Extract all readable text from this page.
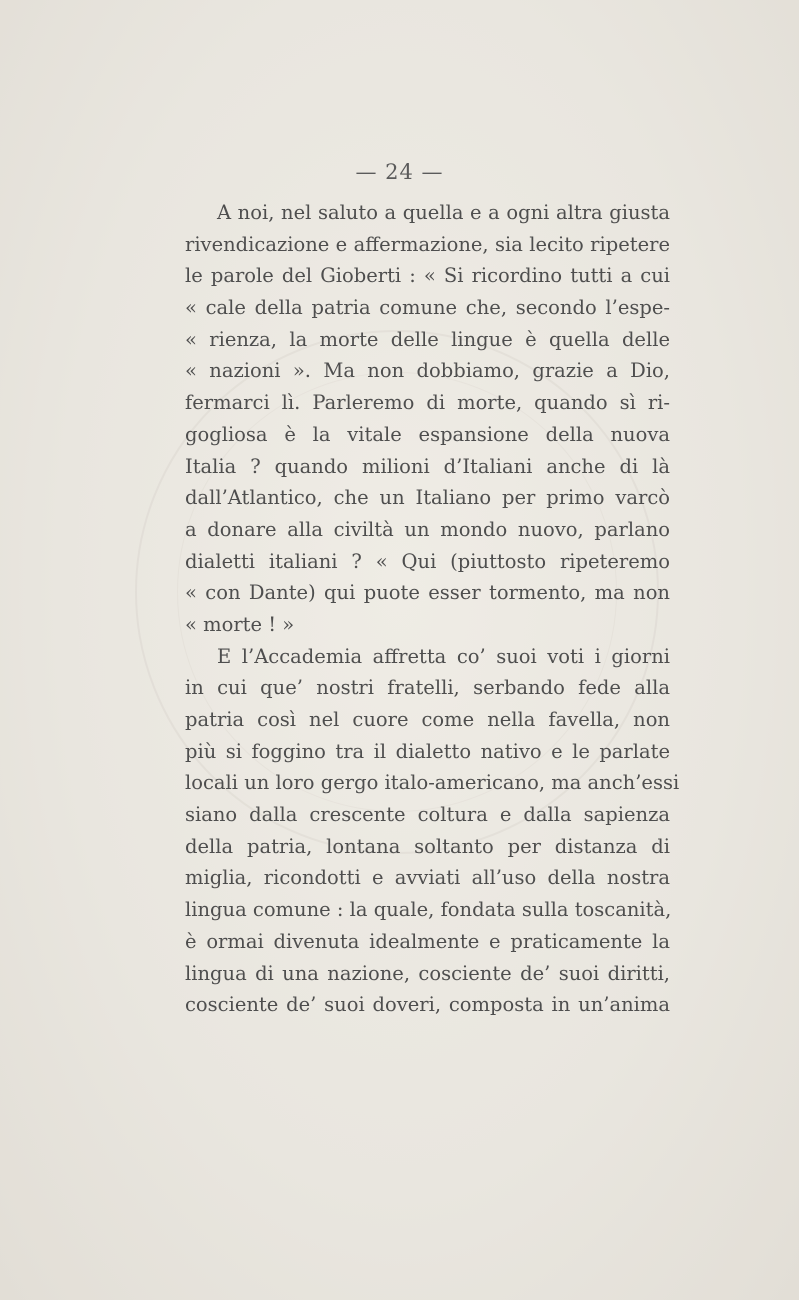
— 24 —
A noi, nel saluto a quella e a ogni altra giusta
rivendicazione e affermazione, sia lecito ripetere
le parole del Gioberti : « Si ricordino tutti a cui
« cale della patria comune che, secondo l’espe-
« rienza, la morte delle lingue è quella delle
« nazioni ». Ma non dobbiamo, grazie a Dio,
fermarci lì. Parleremo di morte, quando sì ri-
gogliosa è la vitale espansione della nuova
Italia ? quando milioni d’Italiani anche di là
dall’Atlantico, che un Italiano per primo varcò
a donare alla civiltà un mondo nuovo, parlano
dialetti italiani ? « Qui (piuttosto ripeteremo
« con Dante) qui puote esser tormento, ma non
« morte ! »
E l’Accademia affretta co’ suoi voti i giorni
in cui que’ nostri fratelli, serbando fede alla
patria così nel cuore come nella favella, non
più si foggino tra il dialetto nativo e le parlate
locali un loro gergo italo-americano, ma anch’essi
siano dalla crescente coltura e dalla sapienza
della patria, lontana soltanto per distanza di
miglia, ricondotti e avviati all’uso della nostra
lingua comune : la quale, fondata sulla toscanità,
è ormai divenuta idealmente e praticamente la
lingua di una nazione, cosciente de’ suoi diritti,
cosciente de’ suoi doveri, composta in un’anima
